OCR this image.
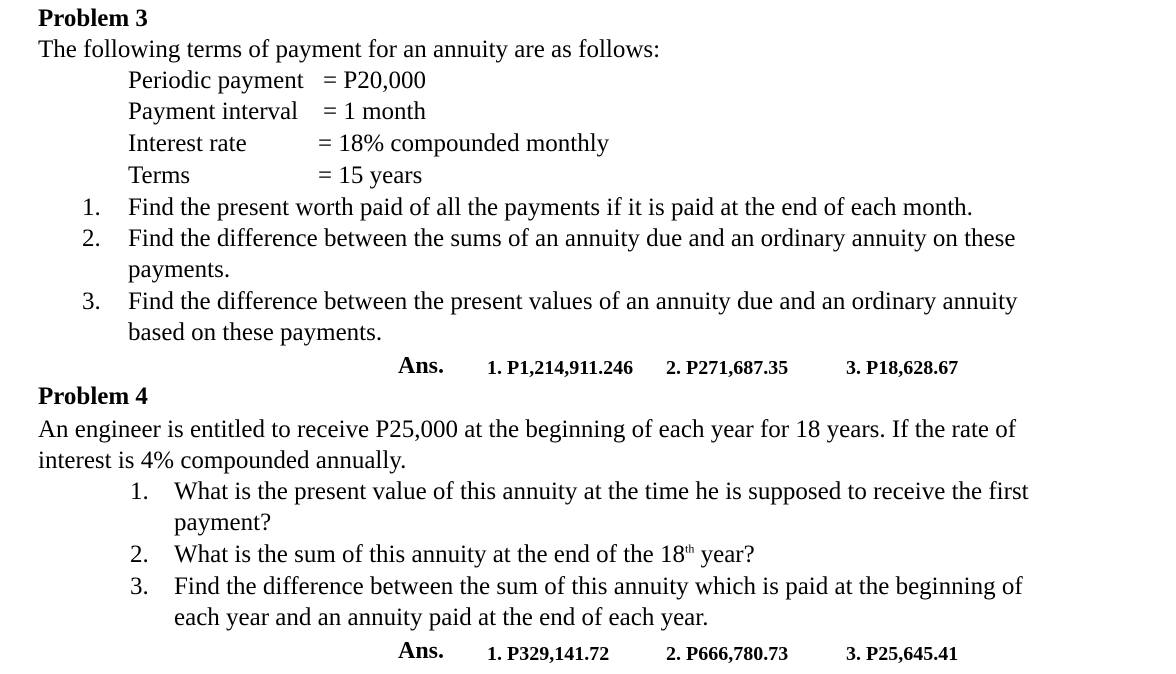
Problem 3
The following terms of payment for an annuity are as follows:
Periodic payment = P20,000
Payment interval = 1 month
Interest rate	= 18% compounded monthly
Terms	= 15 years
1. Find the present worth paid of all the payments if it is paid at the end of each month.
2. Find the difference between the sums of an annuity due and an ordinary annuity on these
payments.
3. Find the difference between the present values of an annuity due and an ordinary annuity
based on these payments.
Ans. 1. P1,214,911.246 2. P271,687.35	3. P18,628.67
Problem 4
An engineer is entitled to receive P25,000 at the beginning of each year for 18 years. If the rate of
interest is 4% compounded annually.
1. What is the present value of this annuity at the time he is supposed to receive the first
payment?
2. What is the sum of this annuity at the end of the 18th year?
3. Find the difference between the sum of this annuity which is paid at the beginning of
each year and an annuity paid at the end of each year.
Ans. 1. P329,141.72	2. P666,780.73	3. P25,645.41
